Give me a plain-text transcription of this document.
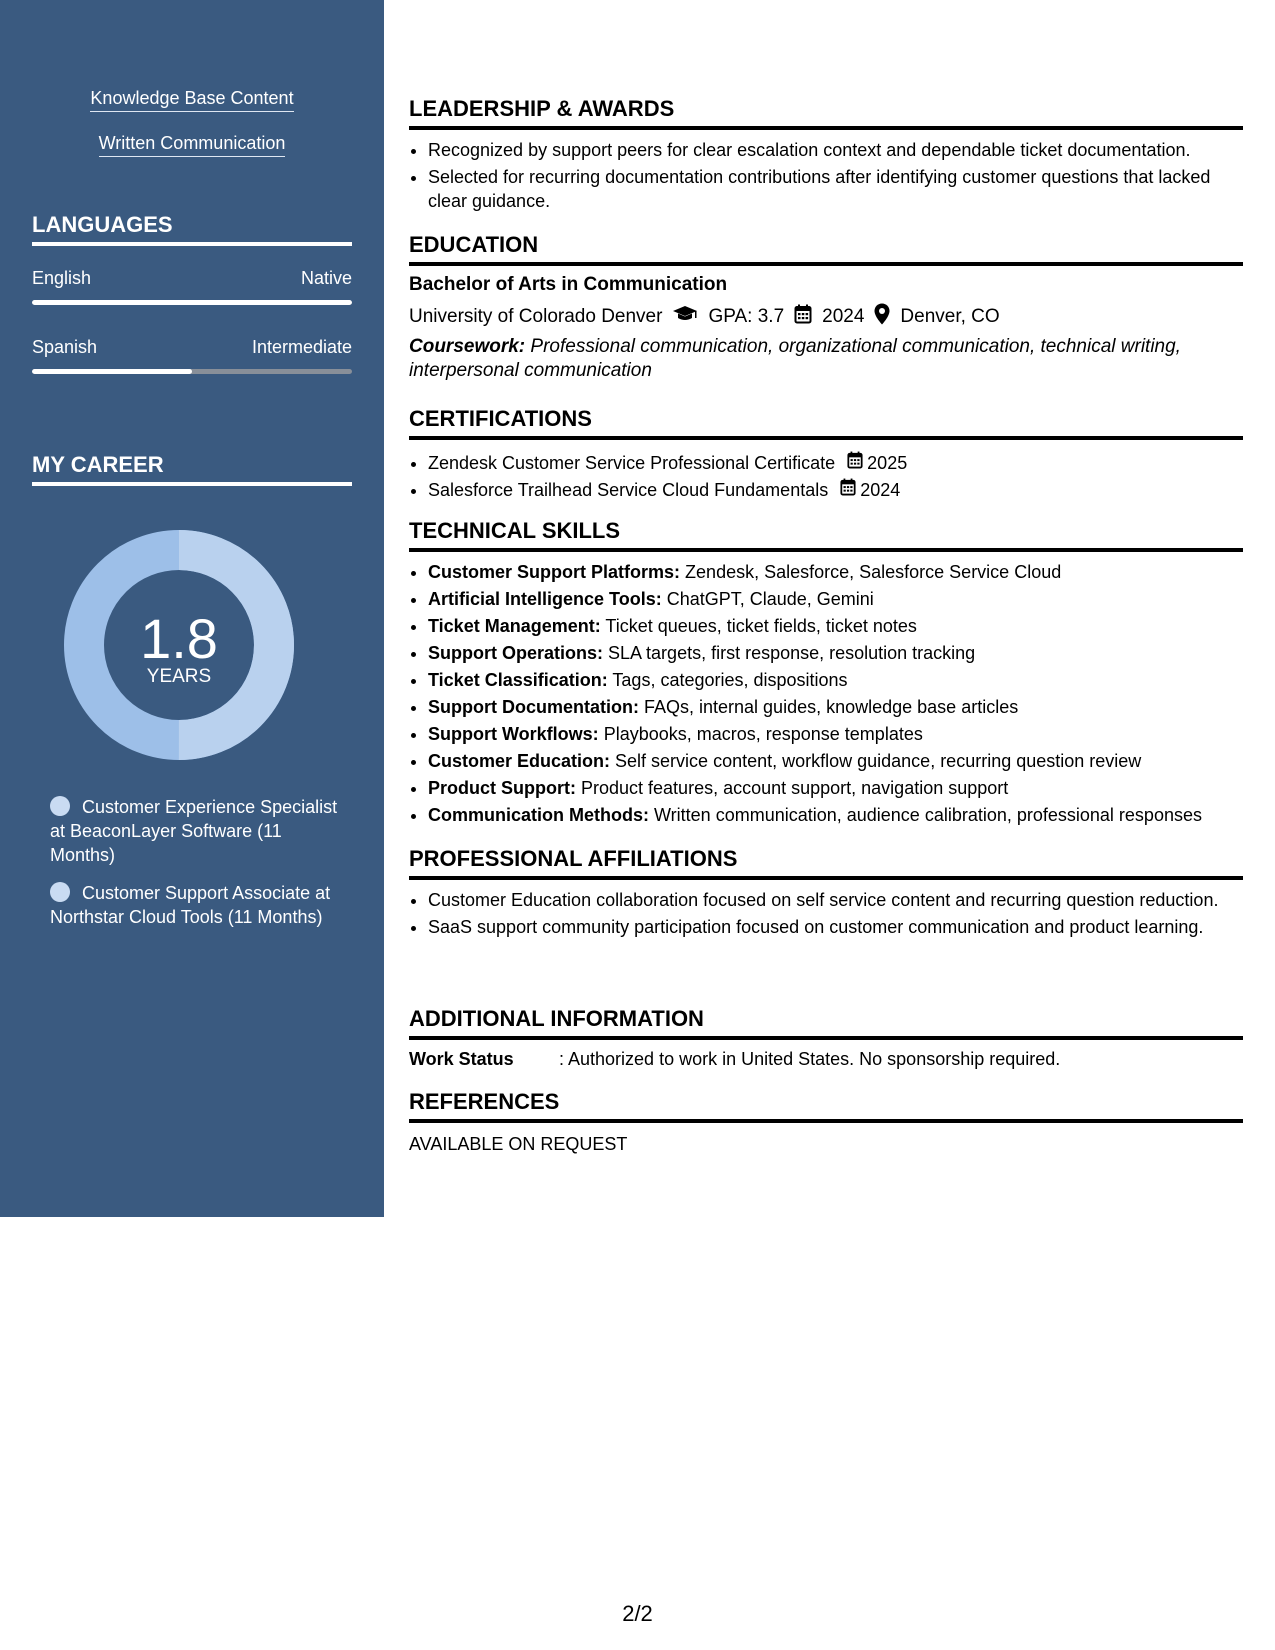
Knowledge Base Content
Written Communication
LANGUAGES
English	Native
Spanish	Intermediate
MY CAREER
1.8
YEARS
Customer Experience Specialist at BeaconLayer Software (11 Months)
Customer Support Associate at Northstar Cloud Tools (11 Months)
LEADERSHIP & AWARDS
• Recognized by support peers for clear escalation context and dependable ticket documentation.
• Selected for recurring documentation contributions after identifying customer questions that lacked clear guidance.
EDUCATION
Bachelor of Arts in Communication
University of Colorado Denver GPA: 3.7 2024 Denver, CO
Coursework: Professional communication, organizational communication, technical writing, interpersonal communication
CERTIFICATIONS
• Zendesk Customer Service Professional Certificate 2025
• Salesforce Trailhead Service Cloud Fundamentals 2024
TECHNICAL SKILLS
• Customer Support Platforms: Zendesk, Salesforce, Salesforce Service Cloud
• Artificial Intelligence Tools: ChatGPT, Claude, Gemini
• Ticket Management: Ticket queues, ticket fields, ticket notes
• Support Operations: SLA targets, first response, resolution tracking
• Ticket Classification: Tags, categories, dispositions
• Support Documentation: FAQs, internal guides, knowledge base articles
• Support Workflows: Playbooks, macros, response templates
• Customer Education: Self service content, workflow guidance, recurring question review
• Product Support: Product features, account support, navigation support
• Communication Methods: Written communication, audience calibration, professional responses
PROFESSIONAL AFFILIATIONS
• Customer Education collaboration focused on self service content and recurring question reduction.
• SaaS support community participation focused on customer communication and product learning.
ADDITIONAL INFORMATION
Work Status	: Authorized to work in United States. No sponsorship required.
REFERENCES
AVAILABLE ON REQUEST
2/2
